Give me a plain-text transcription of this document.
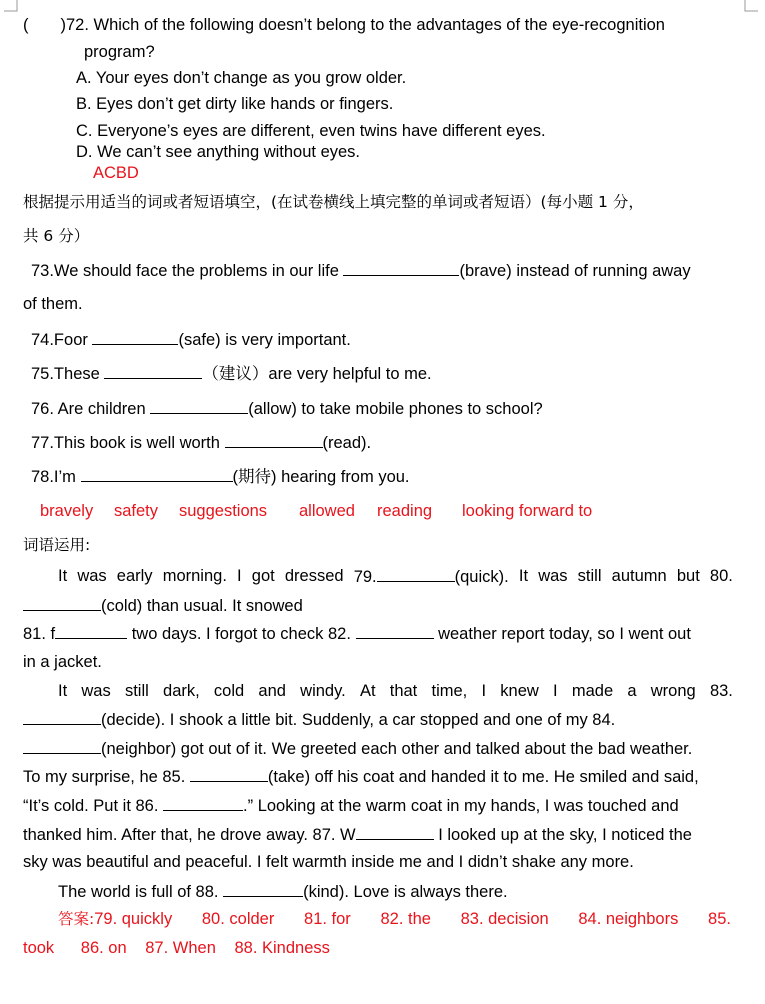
( )72. Which of the following doesn’t belong to the advantages of the eye-recognition
program?
A. Your eyes don’t change as you grow older.
B. Eyes don’t get dirty like hands or fingers.
C. Everyone’s eyes are different, even twins have different eyes.
D. We can’t see anything without eyes.
ACBD
根据提示用适当的词或者短语填空，(在试卷横线上填完整的单词或者短语）(每小题 1 分，
共 6 分）
73.We should face the problems in our life	(brave) instead of running away
of them.
74.Foor	(safe) is very important.
75.These	（建议）are very helpful to me.
76. Are children	(allow) to take mobile phones to school?
77.This book is well worth	(read).
78.I’m	(期待) hearing from you.
bravely safety suggestions allowed reading looking forward to
词语运用:
It was early morning. I got dressed 79.	(quick). It was still autumn but 80.
(cold) than usual. It snowed
81. f	two days. I forgot to check 82.	weather report today, so I went out
in a jacket.
It was still dark, cold and windy. At that time, I knew I made a wrong 83.
(decide). I shook a little bit. Suddenly, a car stopped and one of my 84.
(neighbor) got out of it. We greeted each other and talked about the bad weather.
To my surprise, he 85.	(take) off his coat and handed it to me. He smiled and said,
“It’s cold. Put it 86.	.” Looking at the warm coat in my hands, I was touched and
thanked him. After that, he drove away. 87. W	I looked up at the sky, I noticed the
sky was beautiful and peaceful. I felt warmth inside me and I didn’t shake any more.
The world is full of 88.	(kind). Love is always there.
答案:79. quickly 80. colder 81. for 82. the 83. decision 84. neighbors 85.
took 86. on 87. When 88. Kindness
